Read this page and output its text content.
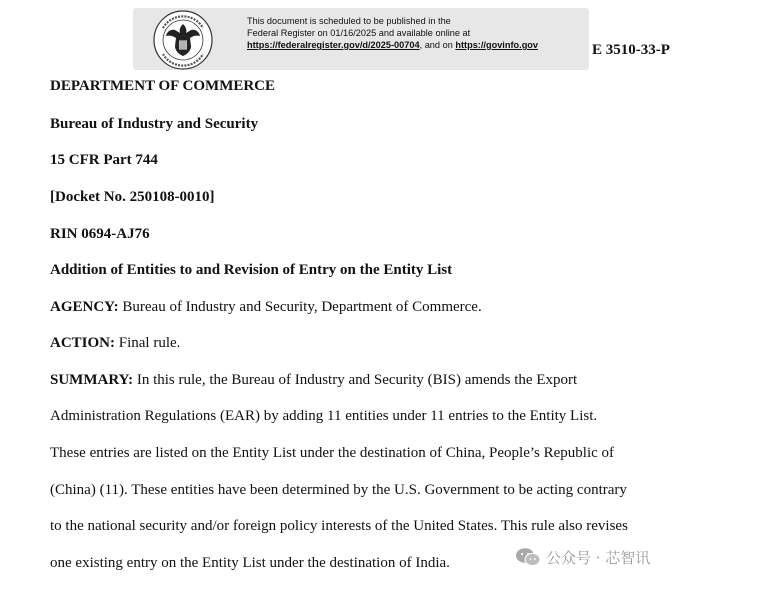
This document is scheduled to be published in the
Federal Register on 01/16/2025 and available online at
https://federalregister.gov/d/2025-00704, and on https://govinfo.gov	E 3510-33-P
DEPARTMENT OF COMMERCE
Bureau of Industry and Security
15 CFR Part 744
[Docket No. 250108-0010]
RIN 0694-AJ76
Addition of Entities to and Revision of Entry on the Entity List
AGENCY: Bureau of Industry and Security, Department of Commerce.
ACTION: Final rule.
SUMMARY: In this rule, the Bureau of Industry and Security (BIS) amends the Export
Administration Regulations (EAR) by adding 11 entities under 11 entries to the Entity List.
These entries are listed on the Entity List under the destination of China, People’s Republic of
(China) (11). These entities have been determined by the U.S. Government to be acting contrary
to the national security and/or foreign policy interests of the United States. This rule also revises
one existing entry on the Entity List under the destination of India.	公众号 · 芯智讯
